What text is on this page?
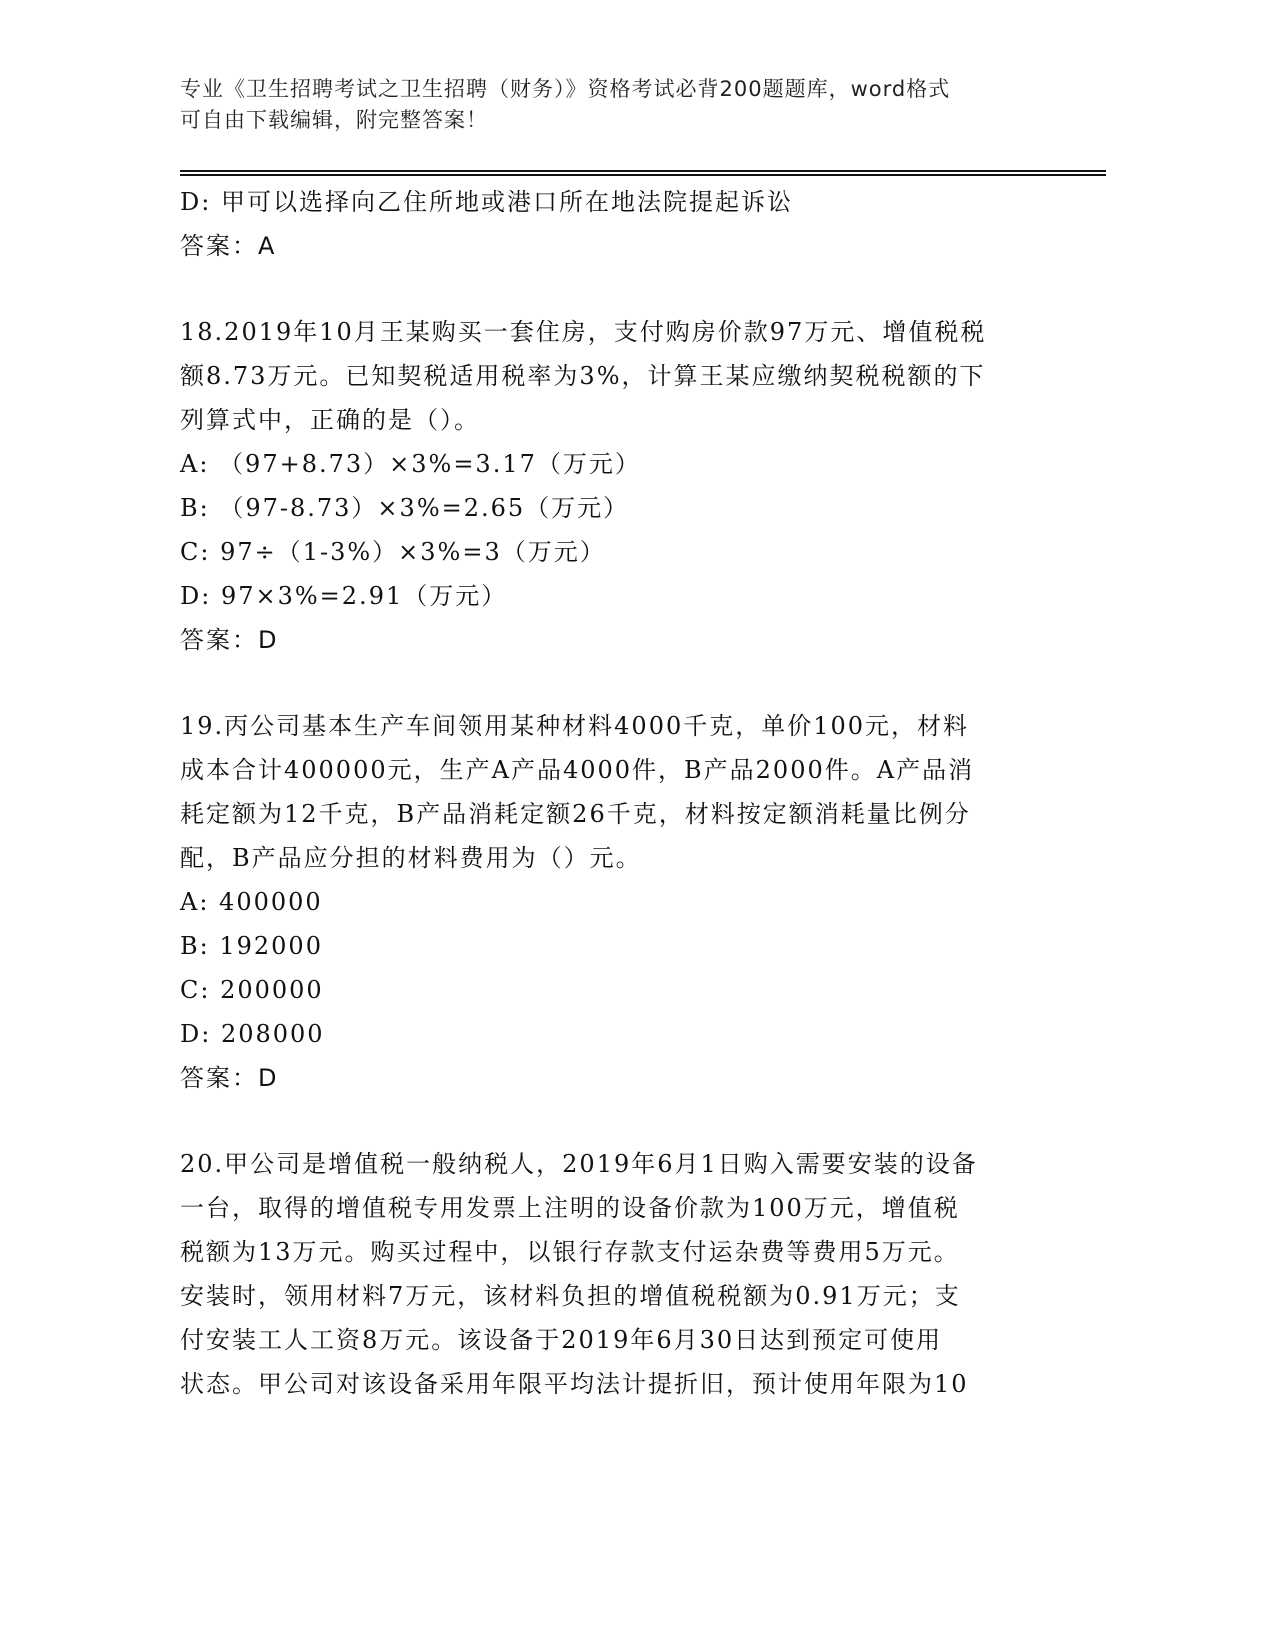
专业《卫生招聘考试之卫生招聘（财务）》资格考试必背200题题库，word格式
可自由下载编辑，附完整答案！
D: 甲可以选择向乙住所地或港口所在地法院提起诉讼
答案：A
18.2019年10月王某购买一套住房，支付购房价款97万元、增值税税
额8.73万元。已知契税适用税率为3%，计算王某应缴纳契税税额的下
列算式中，正确的是（）。
A: （97+8.73）×3%=3.17（万元）
B: （97-8.73）×3%=2.65（万元）
C: 97÷（1-3%）×3%=3（万元）
D: 97×3%=2.91（万元）
答案：D
19.丙公司基本生产车间领用某种材料4000千克，单价100元，材料
成本合计400000元，生产A产品4000件，B产品2000件。A产品消
耗定额为12千克，B产品消耗定额26千克，材料按定额消耗量比例分
配，B产品应分担的材料费用为（）元。
A: 400000
B: 192000
C: 200000
D: 208000
答案：D
20.甲公司是增值税一般纳税人，2019年6月1日购入需要安装的设备
一台，取得的增值税专用发票上注明的设备价款为100万元，增值税
税额为13万元。购买过程中，以银行存款支付运杂费等费用5万元。
安装时，领用材料7万元，该材料负担的增值税税额为0.91万元；支
付安装工人工资8万元。该设备于2019年6月30日达到预定可使用
状态。甲公司对该设备采用年限平均法计提折旧，预计使用年限为10
